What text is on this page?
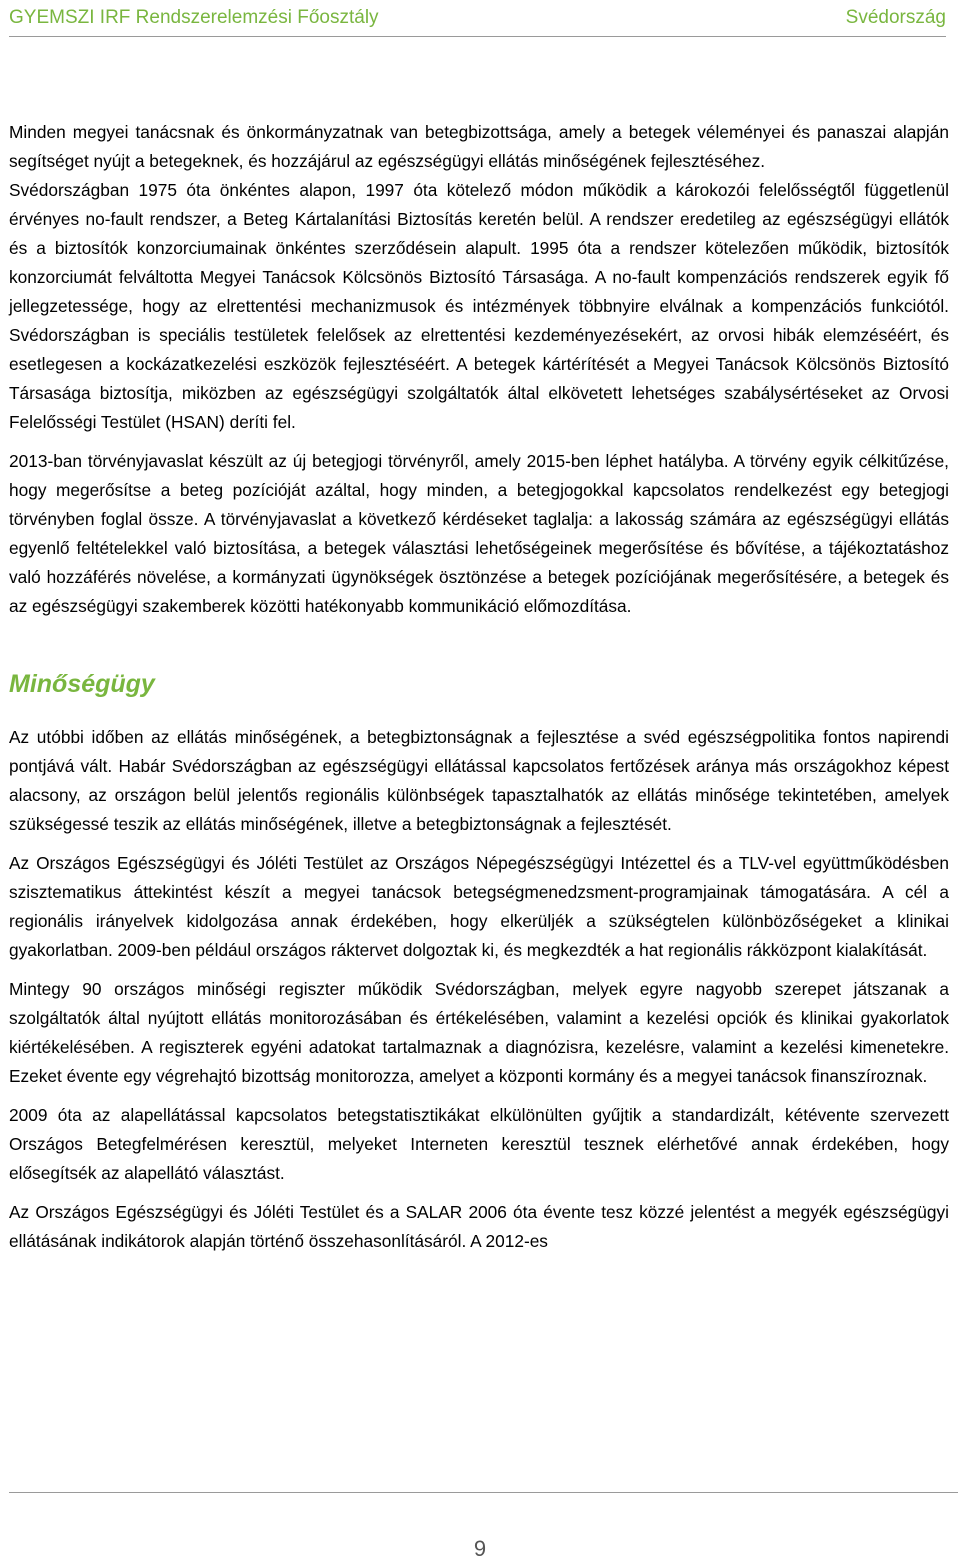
GYEMSZI IRF Rendszerelemzési Főosztály	Svédország

Minden megyei tanácsnak és önkormányzatnak van betegbizottsága, amely a betegek véleményei és panaszai alapján segítséget nyújt a betegeknek, és hozzájárul az egészségügyi ellátás minőségének fejlesztéséhez.

Svédországban 1975 óta önkéntes alapon, 1997 óta kötelező módon működik a károkozói felelősségtől függetlenül érvényes no-fault rendszer, a Beteg Kártalanítási Biztosítás keretén belül. A rendszer eredetileg az egészségügyi ellátók és a biztosítók konzorciumainak önkéntes szerződésein alapult. 1995 óta a rendszer kötelezően működik, biztosítók konzorciumát felváltotta Megyei Tanácsok Kölcsönös Biztosító Társasága. A no-fault kompenzációs rendszerek egyik fő jellegzetessége, hogy az elrettentési mechanizmusok és intézmények többnyire elválnak a kompenzációs funkciótól. Svédországban is speciális testületek felelősek az elrettentési kezdeményezésekért, az orvosi hibák elemzéséért, és esetlegesen a kockázatkezelési eszközök fejlesztéséért. A betegek kártérítését a Megyei Tanácsok Kölcsönös Biztosító Társasága biztosítja, miközben az egészségügyi szolgáltatók által elkövetett lehetséges szabálysértéseket az Orvosi Felelősségi Testület (HSAN) deríti fel.

2013-ban törvényjavaslat készült az új betegjogi törvényről, amely 2015-ben léphet hatályba. A törvény egyik célkitűzése, hogy megerősítse a beteg pozícióját azáltal, hogy minden, a betegjogokkal kapcsolatos rendelkezést egy betegjogi törvényben foglal össze. A törvényjavaslat a következő kérdéseket taglalja: a lakosság számára az egészségügyi ellátás egyenlő feltételekkel való biztosítása, a betegek választási lehetőségeinek megerősítése és bővítése, a tájékoztatáshoz való hozzáférés növelése, a kormányzati ügynökségek ösztönzése a betegek pozíciójának megerősítésére, a betegek és az egészségügyi szakemberek közötti hatékonyabb kommunikáció előmozdítása.

Minőségügy

Az utóbbi időben az ellátás minőségének, a betegbiztonságnak a fejlesztése a svéd egészségpolitika fontos napirendi pontjává vált. Habár Svédországban az egészségügyi ellátással kapcsolatos fertőzések aránya más országokhoz képest alacsony, az országon belül jelentős regionális különbségek tapasztalhatók az ellátás minősége tekintetében, amelyek szükségessé teszik az ellátás minőségének, illetve a betegbiztonságnak a fejlesztését.

Az Országos Egészségügyi és Jóléti Testület az Országos Népegészségügyi Intézettel és a TLV-vel együttműködésben szisztematikus áttekintést készít a megyei tanácsok betegségmenedzsment-programjainak támogatására. A cél a regionális irányelvek kidolgozása annak érdekében, hogy elkerüljék a szükségtelen különbözőségeket a klinikai gyakorlatban. 2009-ben például országos ráktervet dolgoztak ki, és megkezdték a hat regionális rákközpont kialakítását.

Mintegy 90 országos minőségi regiszter működik Svédországban, melyek egyre nagyobb szerepet játszanak a szolgáltatók által nyújtott ellátás monitorozásában és értékelésében, valamint a kezelési opciók és klinikai gyakorlatok kiértékelésében. A regiszterek egyéni adatokat tartalmaznak a diagnózisra, kezelésre, valamint a kezelési kimenetekre. Ezeket évente egy végrehajtó bizottság monitorozza, amelyet a központi kormány és a megyei tanácsok finanszíroznak.

2009 óta az alapellátással kapcsolatos betegstatisztikákat elkülönülten gyűjtik a standardizált, kétévente szervezett Országos Betegfelmérésen keresztül, melyeket Interneten keresztül tesznek elérhetővé annak érdekében, hogy elősegítsék az alapellátó választást.

Az Országos Egészségügyi és Jóléti Testület és a SALAR 2006 óta évente tesz közzé jelentést a megyék egészségügyi ellátásának indikátorok alapján történő összehasonlításáról. A 2012-es

9
